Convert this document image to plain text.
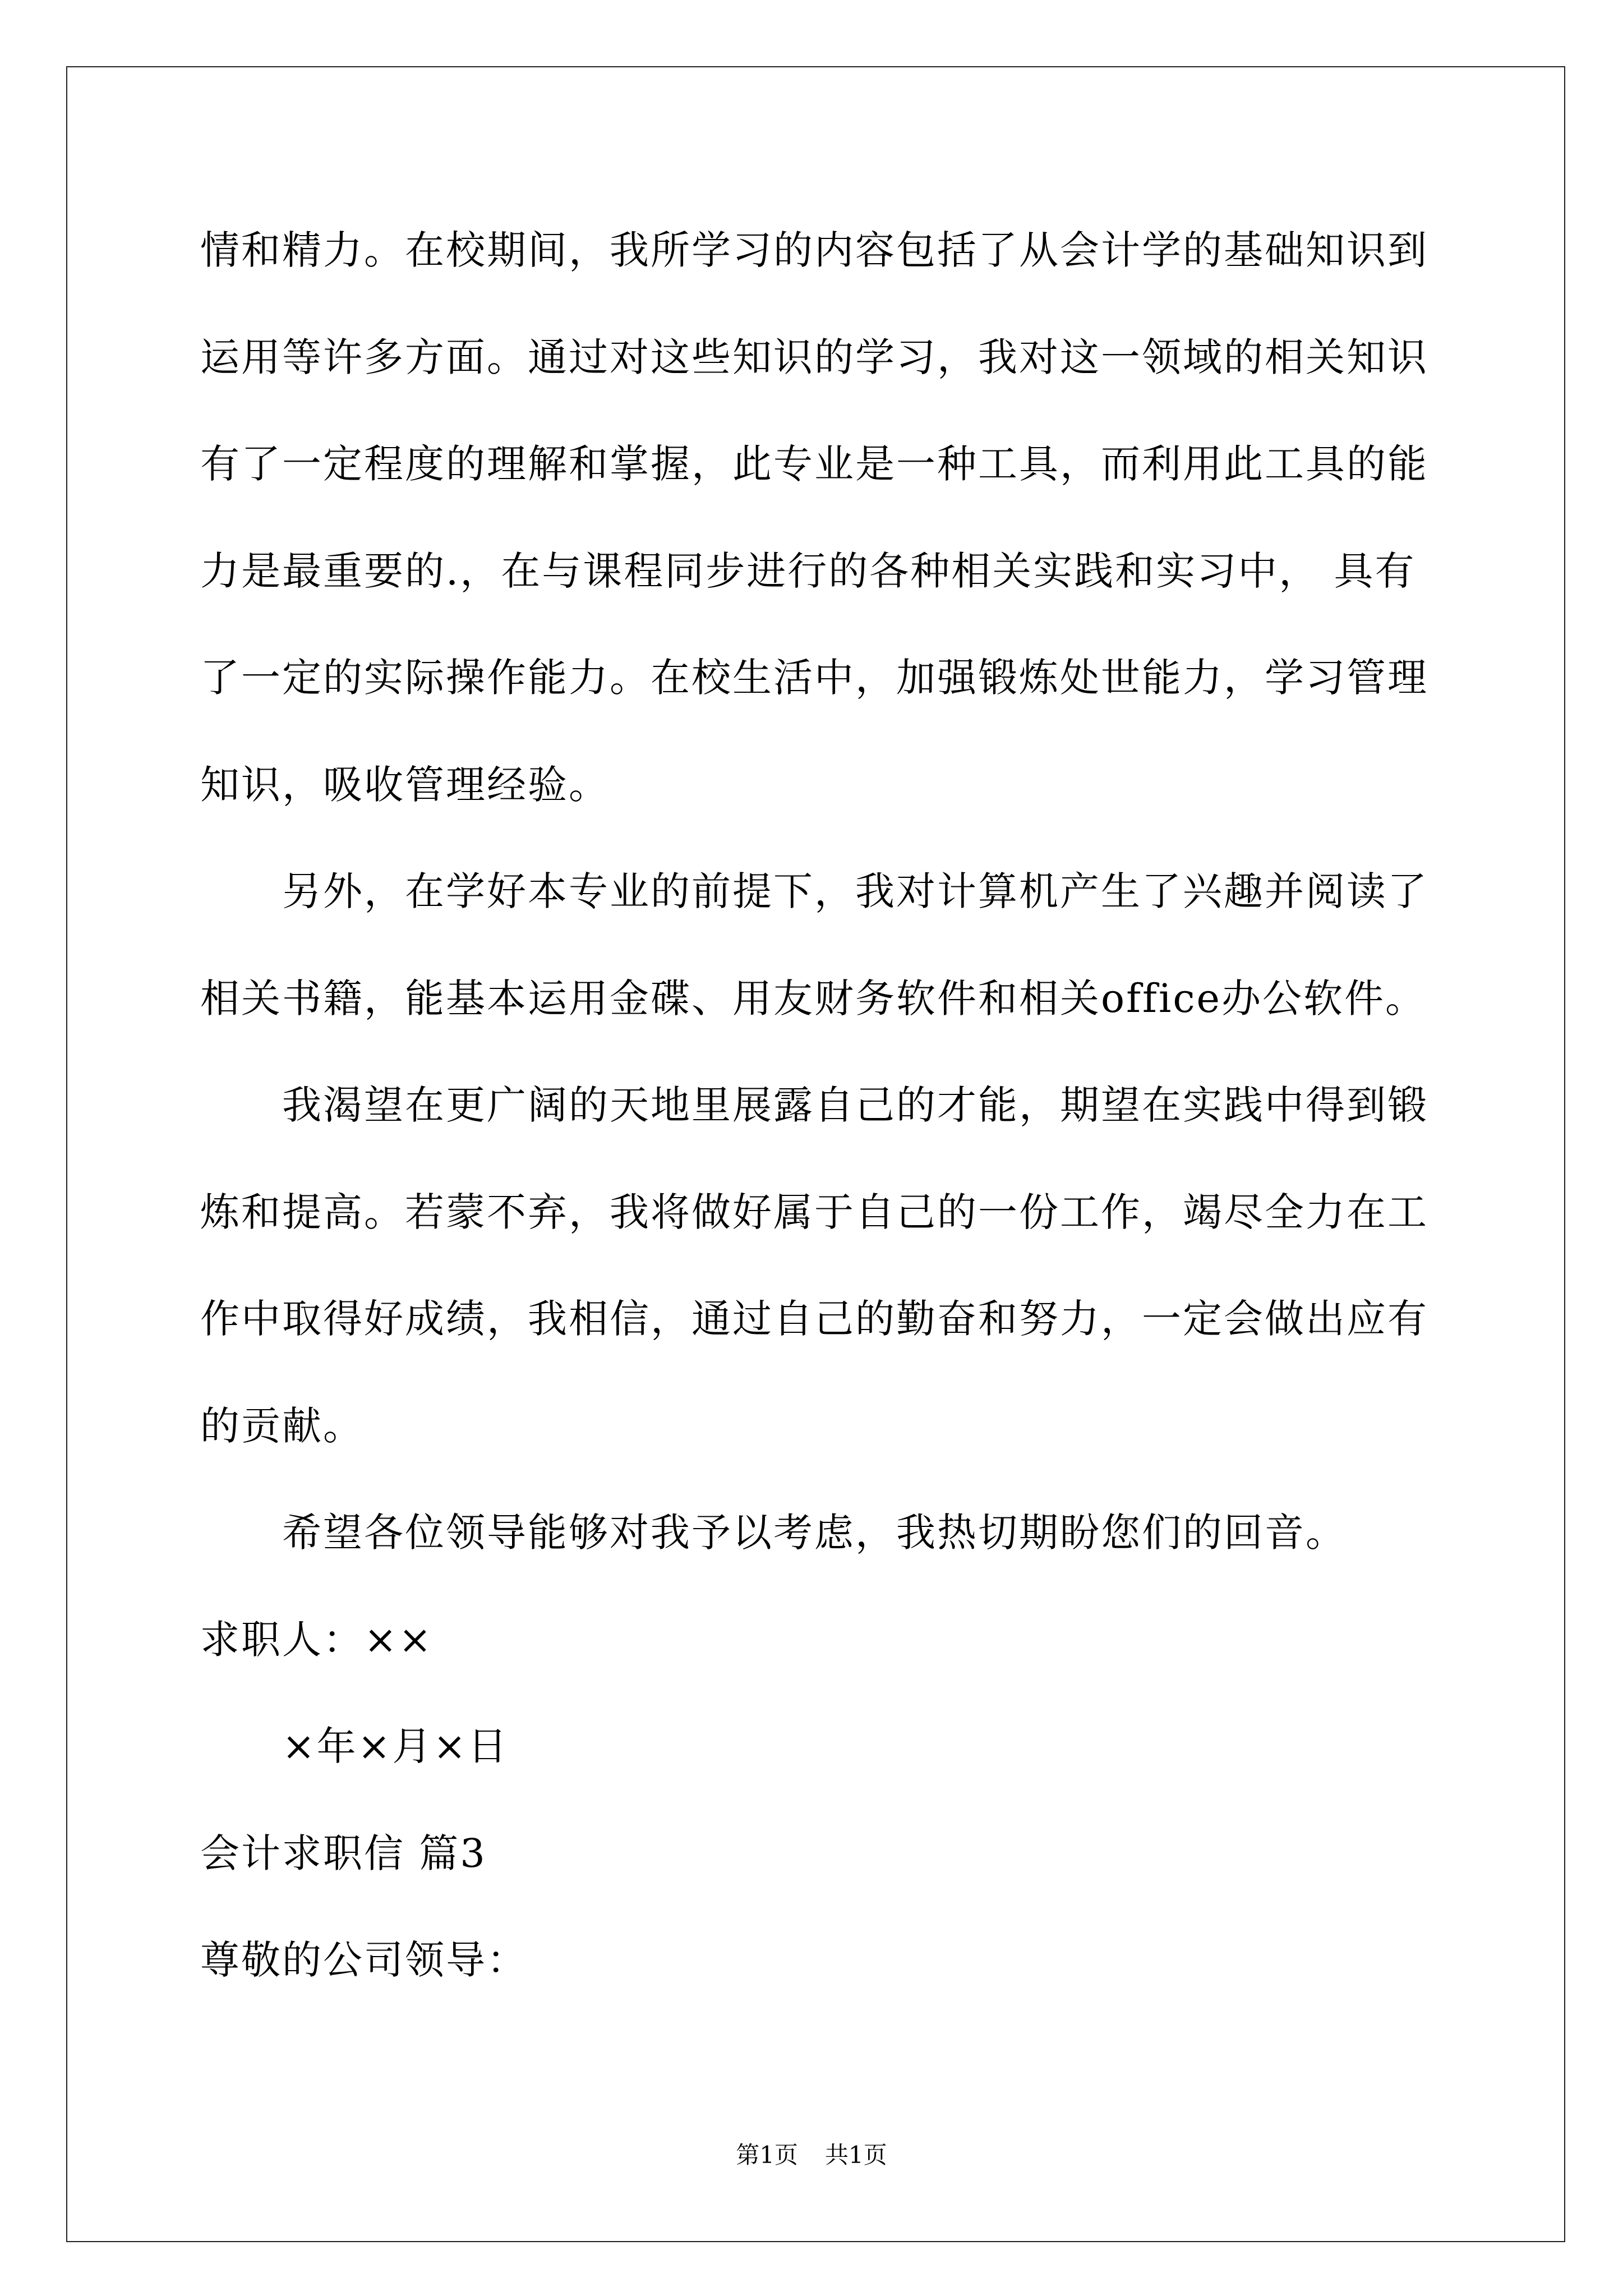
情和精力。在校期间，我所学习的内容包括了从会计学的基础知识到
运用等许多方面。通过对这些知识的学习，我对这一领域的相关知识
有了一定程度的理解和掌握，此专业是一种工具，而利用此工具的能
力是最重要的.，在与课程同步进行的各种相关实践和实习中， 具有
了一定的实际操作能力。在校生活中，加强锻炼处世能力，学习管理
知识，吸收管理经验。
另外，在学好本专业的前提下，我对计算机产生了兴趣并阅读了
相关书籍，能基本运用金碟、用友财务软件和相关office办公软件。
我渴望在更广阔的天地里展露自己的才能，期望在实践中得到锻
炼和提高。若蒙不弃，我将做好属于自己的一份工作，竭尽全力在工
作中取得好成绩，我相信，通过自己的勤奋和努力，一定会做出应有
的贡献。
希望各位领导能够对我予以考虑，我热切期盼您们的回音。
求职人：××
×年×月×日
会计求职信 篇3
尊敬的公司领导：
第1页 共1页
